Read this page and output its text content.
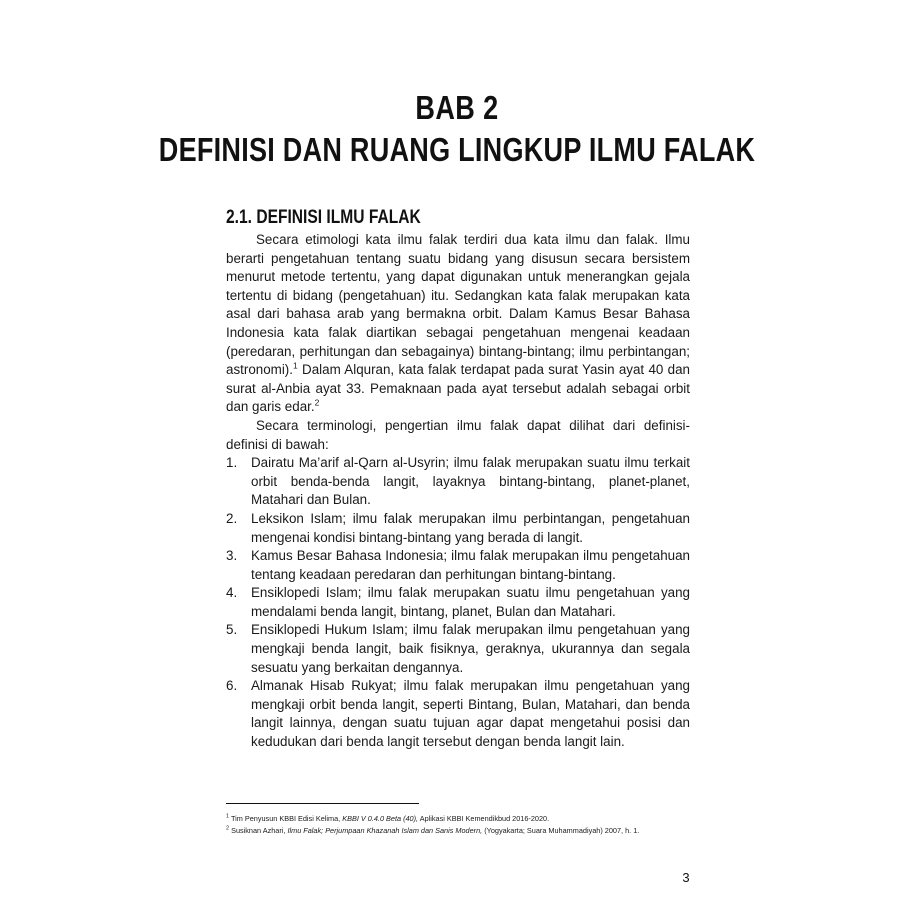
BAB 2
DEFINISI DAN RUANG LINGKUP ILMU FALAK
2.1. DEFINISI ILMU FALAK

Secara etimologi kata ilmu falak terdiri dua kata ilmu dan falak. Ilmu berarti pengetahuan tentang suatu bidang yang disusun secara bersistem menurut metode tertentu, yang dapat digunakan untuk menerangkan gejala tertentu di bidang (pengetahuan) itu. Sedangkan kata falak merupakan kata asal dari bahasa arab yang bermakna orbit. Dalam Kamus Besar Bahasa Indonesia kata falak diartikan sebagai pengetahuan mengenai keadaan (peredaran, perhitungan dan sebagainya) bintang-bintang; ilmu perbintangan; astronomi).$^1$ Dalam Alquran, kata falak terdapat pada surat Yasin ayat 40 dan surat al-Anbia ayat 33. Pemaknaan pada ayat tersebut adalah sebagai orbit dan garis edar.$^2$

Secara terminologi, pengertian ilmu falak dapat dilihat dari definisi-definisi di bawah:

1. Dairatu Ma’arif al-Qarn al-Usyrin; ilmu falak merupakan suatu ilmu terkait orbit benda-benda langit, layaknya bintang-bintang, planet-planet, Matahari dan Bulan.
2. Leksikon Islam; ilmu falak merupakan ilmu perbintangan, pengetahuan mengenai kondisi bintang-bintang yang berada di langit.
3. Kamus Besar Bahasa Indonesia; ilmu falak merupakan ilmu pengetahuan tentang keadaan peredaran dan perhitungan bintang-bintang.
4. Ensiklopedi Islam; ilmu falak merupakan suatu ilmu pengetahuan yang mendalami benda langit, bintang, planet, Bulan dan Matahari.
5. Ensiklopedi Hukum Islam; ilmu falak merupakan ilmu pengetahuan yang mengkaji benda langit, baik fisiknya, geraknya, ukurannya dan segala sesuatu yang berkaitan dengannya.
6. Almanak Hisab Rukyat; ilmu falak merupakan ilmu pengetahuan yang mengkaji orbit benda langit, seperti Bintang, Bulan, Matahari, dan benda langit lainnya, dengan suatu tujuan agar dapat mengetahui posisi dan kedudukan dari benda langit tersebut dengan benda langit lain.

$^1$ Tim Penyusun KBBI Edisi Kelima, KBBI V 0.4.0 Beta (40), Aplikasi KBBI Kemendikbud 2016-2020.

$^2$ Susiknan Azhari, Ilmu Falak; Perjumpaan Khazanah Islam dan Sanis Modern, (Yogyakarta; Suara Muhammadiyah) 2007, h. 1.

3
